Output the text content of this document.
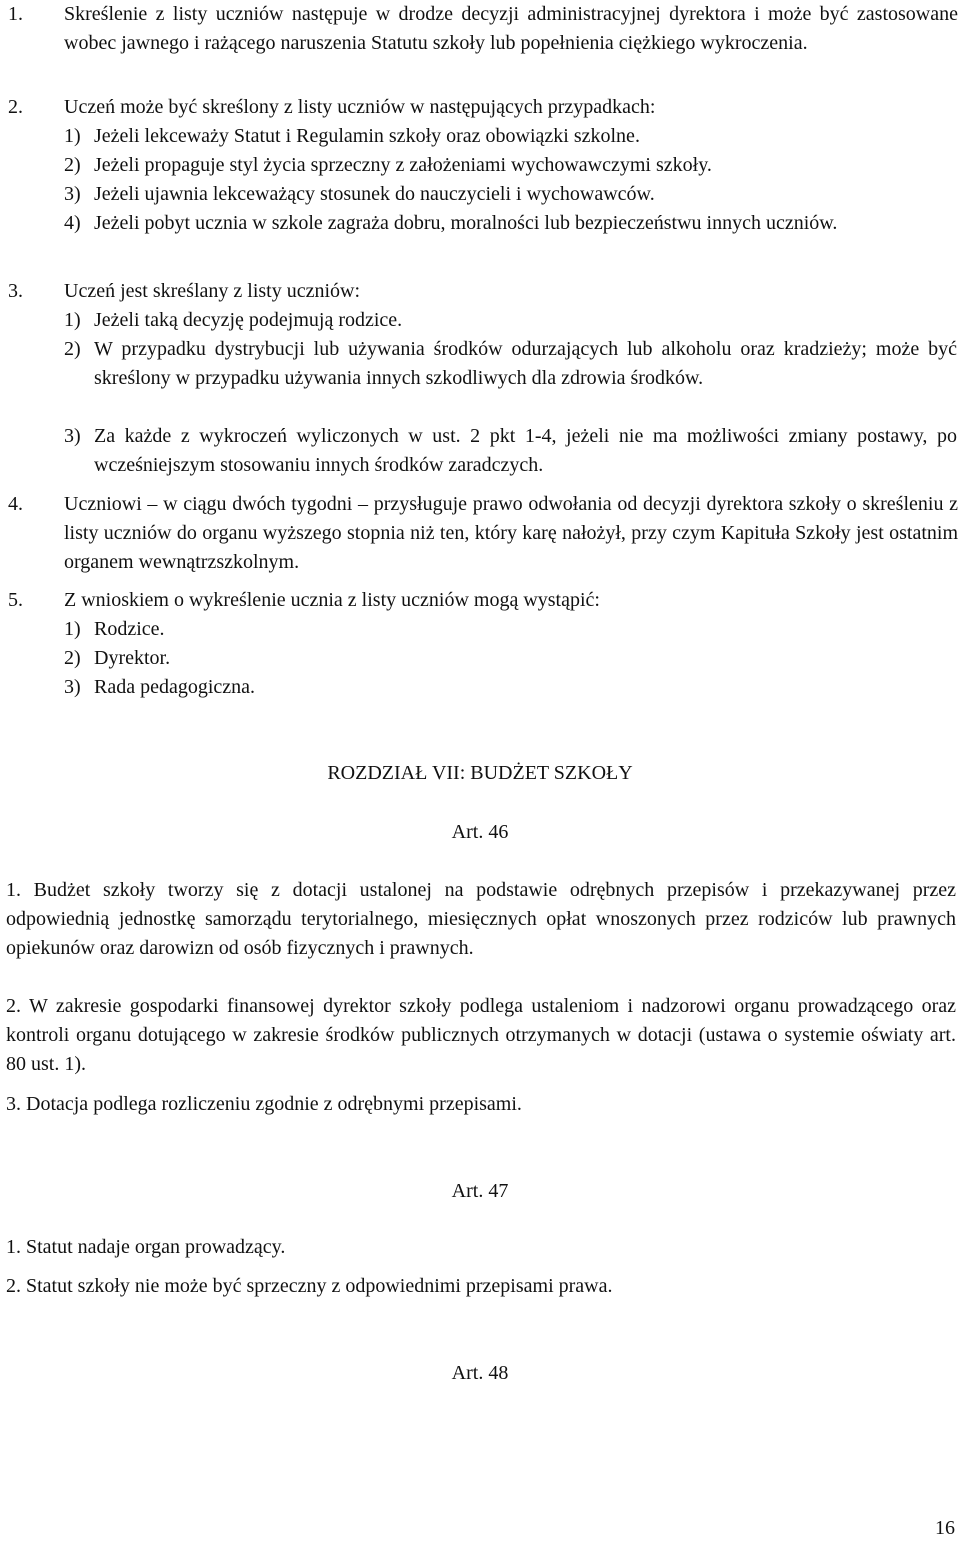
1. Skreślenie z listy uczniów następuje w drodze decyzji administracyjnej dyrektora i może być zastosowane wobec jawnego i rażącego naruszenia Statutu szkoły lub popełnienia ciężkiego wykroczenia.
2. Uczeń może być skreślony z listy uczniów w następujących przypadkach:
1) Jeżeli lekceważy Statut i Regulamin szkoły oraz obowiązki szkolne.
2) Jeżeli propaguje styl życia sprzeczny z założeniami wychowawczymi szkoły.
3) Jeżeli ujawnia lekceważący stosunek do nauczycieli i wychowawców.
4) Jeżeli pobyt ucznia w szkole zagraża dobru, moralności lub bezpieczeństwu innych uczniów.
3. Uczeń jest skreślany z listy uczniów:
1) Jeżeli taką decyzję podejmują rodzice.
2) W przypadku dystrybucji lub używania środków odurzających lub alkoholu oraz kradzieży; może być skreślony w przypadku używania innych szkodliwych dla zdrowia środków.
3) Za każde z wykroczeń wyliczonych w ust. 2 pkt 1-4, jeżeli nie ma możliwości zmiany postawy, po wcześniejszym stosowaniu innych środków zaradczych.
4. Uczniowi – w ciągu dwóch tygodni – przysługuje prawo odwołania od decyzji dyrektora szkoły o skreśleniu z listy uczniów do organu wyższego stopnia niż ten, który karę nałożył, przy czym Kapituła Szkoły jest ostatnim organem wewnątrzszkolnym.
5. Z wnioskiem o wykreślenie ucznia z listy uczniów mogą wystąpić:
1) Rodzice.
2) Dyrektor.
3) Rada pedagogiczna.
ROZDZIAŁ VII: BUDŻET SZKOŁY
Art. 46
1. Budżet szkoły tworzy się z dotacji ustalonej na podstawie odrębnych przepisów i przekazywanej przez odpowiednią jednostkę samorządu terytorialnego, miesięcznych opłat wnoszonych przez rodziców lub prawnych opiekunów oraz darowizn od osób fizycznych i prawnych.
2. W zakresie gospodarki finansowej dyrektor szkoły podlega ustaleniom i nadzorowi organu prowadzącego oraz kontroli organu dotującego w zakresie środków publicznych otrzymanych w dotacji (ustawa o systemie oświaty art. 80 ust. 1).
3. Dotacja podlega rozliczeniu zgodnie z odrębnymi przepisami.
Art. 47
1. Statut nadaje organ prowadzący.
2. Statut szkoły nie może być sprzeczny z odpowiednimi przepisami prawa.
Art. 48
16
